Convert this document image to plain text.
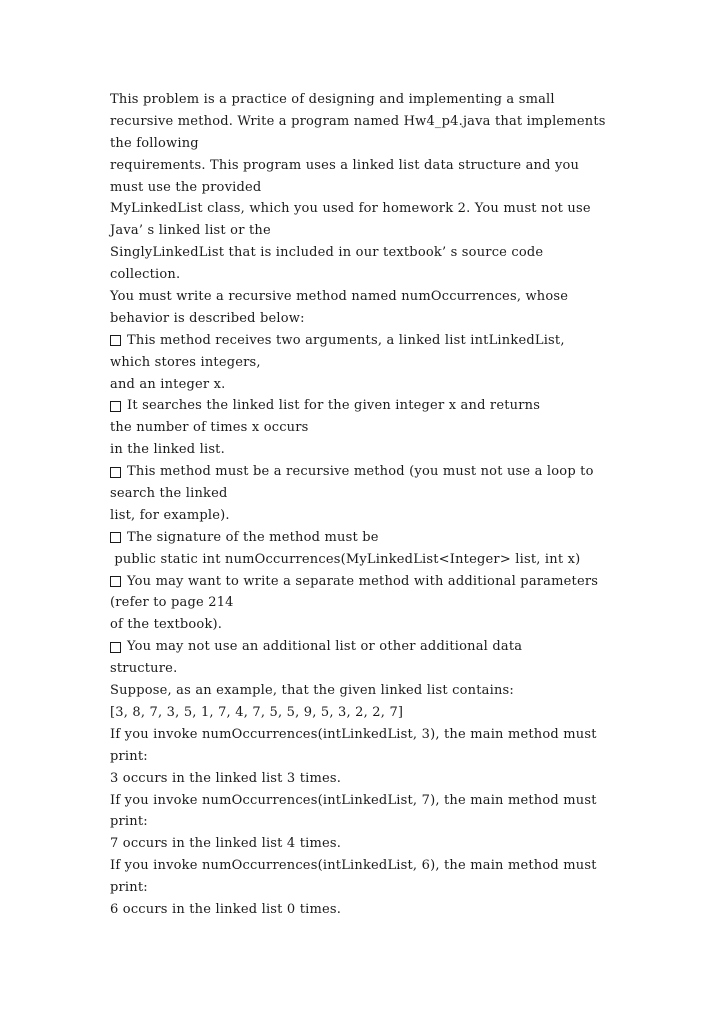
This problem is a practice of designing and implementing a small
recursive method. Write a program named Hw4_p4.java that implements
the following
requirements. This program uses a linked list data structure and you
must use the provided
MyLinkedList class, which you used for homework 2. You must not use
Java’ s linked list or the
SinglyLinkedList that is included in our textbook’ s source code
collection.
You must write a recursive method named numOccurrences, whose
behavior is described below:
This method receives two arguments, a linked list intLinkedList,
which stores integers,
and an integer x.
It searches the linked list for the given integer x and returns
the number of times x occurs
in the linked list.
This method must be a recursive method (you must not use a loop to
search the linked
list, for example).
The signature of the method must be
public static int numOccurrences(MyLinkedList<Integer> list, int x)
You may want to write a separate method with additional parameters
(refer to page 214
of the textbook).
You may not use an additional list or other additional data
structure.
Suppose, as an example, that the given linked list contains:
[3, 8, 7, 3, 5, 1, 7, 4, 7, 5, 5, 9, 5, 3, 2, 2, 7]
If you invoke numOccurrences(intLinkedList, 3), the main method must
print:
3 occurs in the linked list 3 times.
If you invoke numOccurrences(intLinkedList, 7), the main method must
print:
7 occurs in the linked list 4 times.
If you invoke numOccurrences(intLinkedList, 6), the main method must
print:
6 occurs in the linked list 0 times.
